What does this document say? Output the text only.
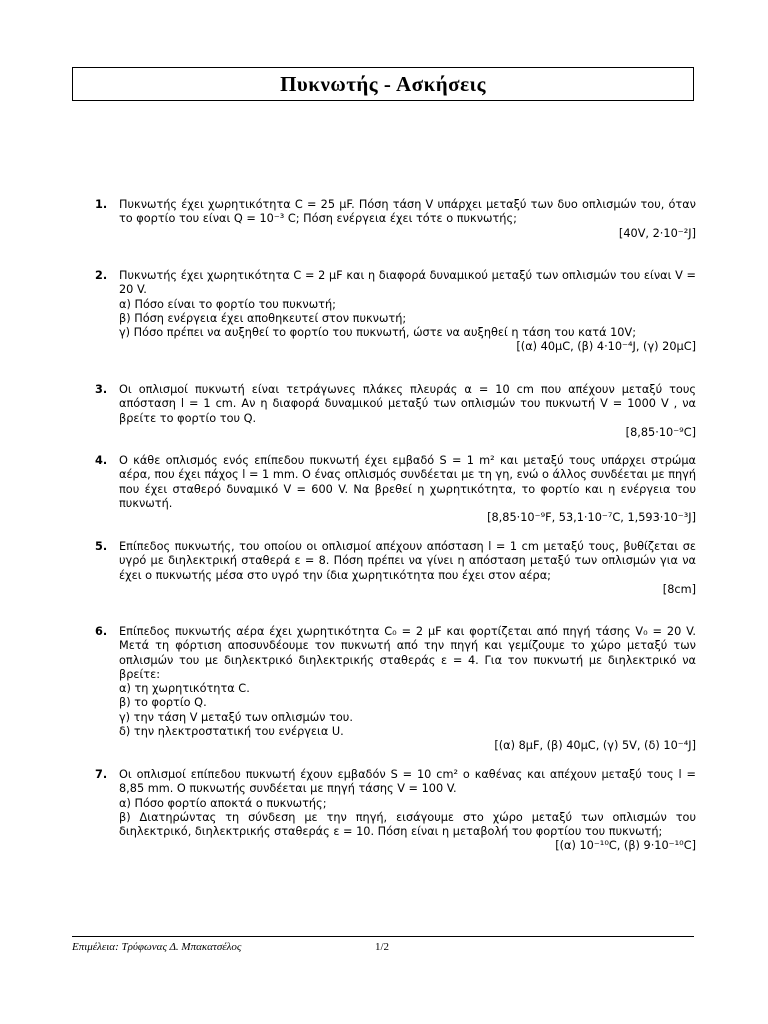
Πυκνωτής - Ασκήσεις
1. Πυκνωτής έχει χωρητικότητα C = 25 μF. Πόση τάση V υπάρχει μεταξύ των δυο οπλισμών του, όταν το φορτίο του είναι Q = 10⁻³ C; Πόση ενέργεια έχει τότε ο πυκνωτής;

[40V, 2·10⁻²J]

2. Πυκνωτής έχει χωρητικότητα C = 2 μF και η διαφορά δυναμικού μεταξύ των οπλισμών του είναι V = 20 V.

α) Πόσο είναι το φορτίο του πυκνωτή;

β) Πόση ενέργεια έχει αποθηκευτεί στον πυκνωτή;

γ) Πόσο πρέπει να αυξηθεί το φορτίο του πυκνωτή, ώστε να αυξηθεί η τάση του κατά 10V;

[(α) 40μC, (β) 4·10⁻⁴J, (γ) 20μC]

3. Οι οπλισμοί πυκνωτή είναι τετράγωνες πλάκες πλευράς α = 10 cm που απέχουν μεταξύ τους απόσταση l = 1 cm. Αν η διαφορά δυναμικού μεταξύ των οπλισμών του πυκνωτή V = 1000 V , να βρείτε το φορτίο του Q.

[8,85·10⁻⁹C]

4. Ο κάθε οπλισμός ενός επίπεδου πυκνωτή έχει εμβαδό S = 1 m² και μεταξύ τους υπάρχει στρώμα αέρα, που έχει πάχος l = 1 mm. Ο ένας οπλισμός συνδέεται με τη γη, ενώ ο άλλος συνδέεται με πηγή που έχει σταθερό δυναμικό V = 600 V. Να βρεθεί η χωρητικότητα, το φορτίο και η ενέργεια του πυκνωτή.

[8,85·10⁻⁹F, 53,1·10⁻⁷C, 1,593·10⁻³J]

5. Επίπεδος πυκνωτής, του οποίου οι οπλισμοί απέχουν απόσταση l = 1 cm μεταξύ τους, βυθίζεται σε υγρό με διηλεκτρική σταθερά ε = 8. Πόση πρέπει να γίνει η απόσταση μεταξύ των οπλισμών για να έχει ο πυκνωτής μέσα στο υγρό την ίδια χωρητικότητα που έχει στον αέρα;

[8cm]

6. Επίπεδος πυκνωτής αέρα έχει χωρητικότητα C₀ = 2 μF και φορτίζεται από πηγή τάσης V₀ = 20 V. Μετά τη φόρτιση αποσυνδέουμε τον πυκνωτή από την πηγή και γεμίζουμε το χώρο μεταξύ των οπλισμών του με διηλεκτρικό διηλεκτρικής σταθεράς ε = 4. Για τον πυκνωτή με διηλεκτρικό να βρείτε:

α) τη χωρητικότητα C.

β) το φορτίο Q.

γ) την τάση V μεταξύ των οπλισμών του.

δ) την ηλεκτροστατική του ενέργεια U.

[(α) 8μF, (β) 40μC, (γ) 5V, (δ) 10⁻⁴J]

7. Οι οπλισμοί επίπεδου πυκνωτή έχουν εμβαδόν S = 10 cm² ο καθένας και απέχουν μεταξύ τους l = 8,85 mm. Ο πυκνωτής συνδέεται με πηγή τάσης V = 100 V.

α) Πόσο φορτίο αποκτά ο πυκνωτής;

β) Διατηρώντας τη σύνδεση με την πηγή, εισάγουμε στο χώρο μεταξύ των οπλισμών του διηλεκτρικό, διηλεκτρικής σταθεράς ε = 10. Πόση είναι η μεταβολή του φορτίου του πυκνωτή;

[(α) 10⁻¹⁰C, (β) 9·10⁻¹⁰C]

Επιμέλεια: Τρύφωνας Δ. Μπακατσέλος	1/2
